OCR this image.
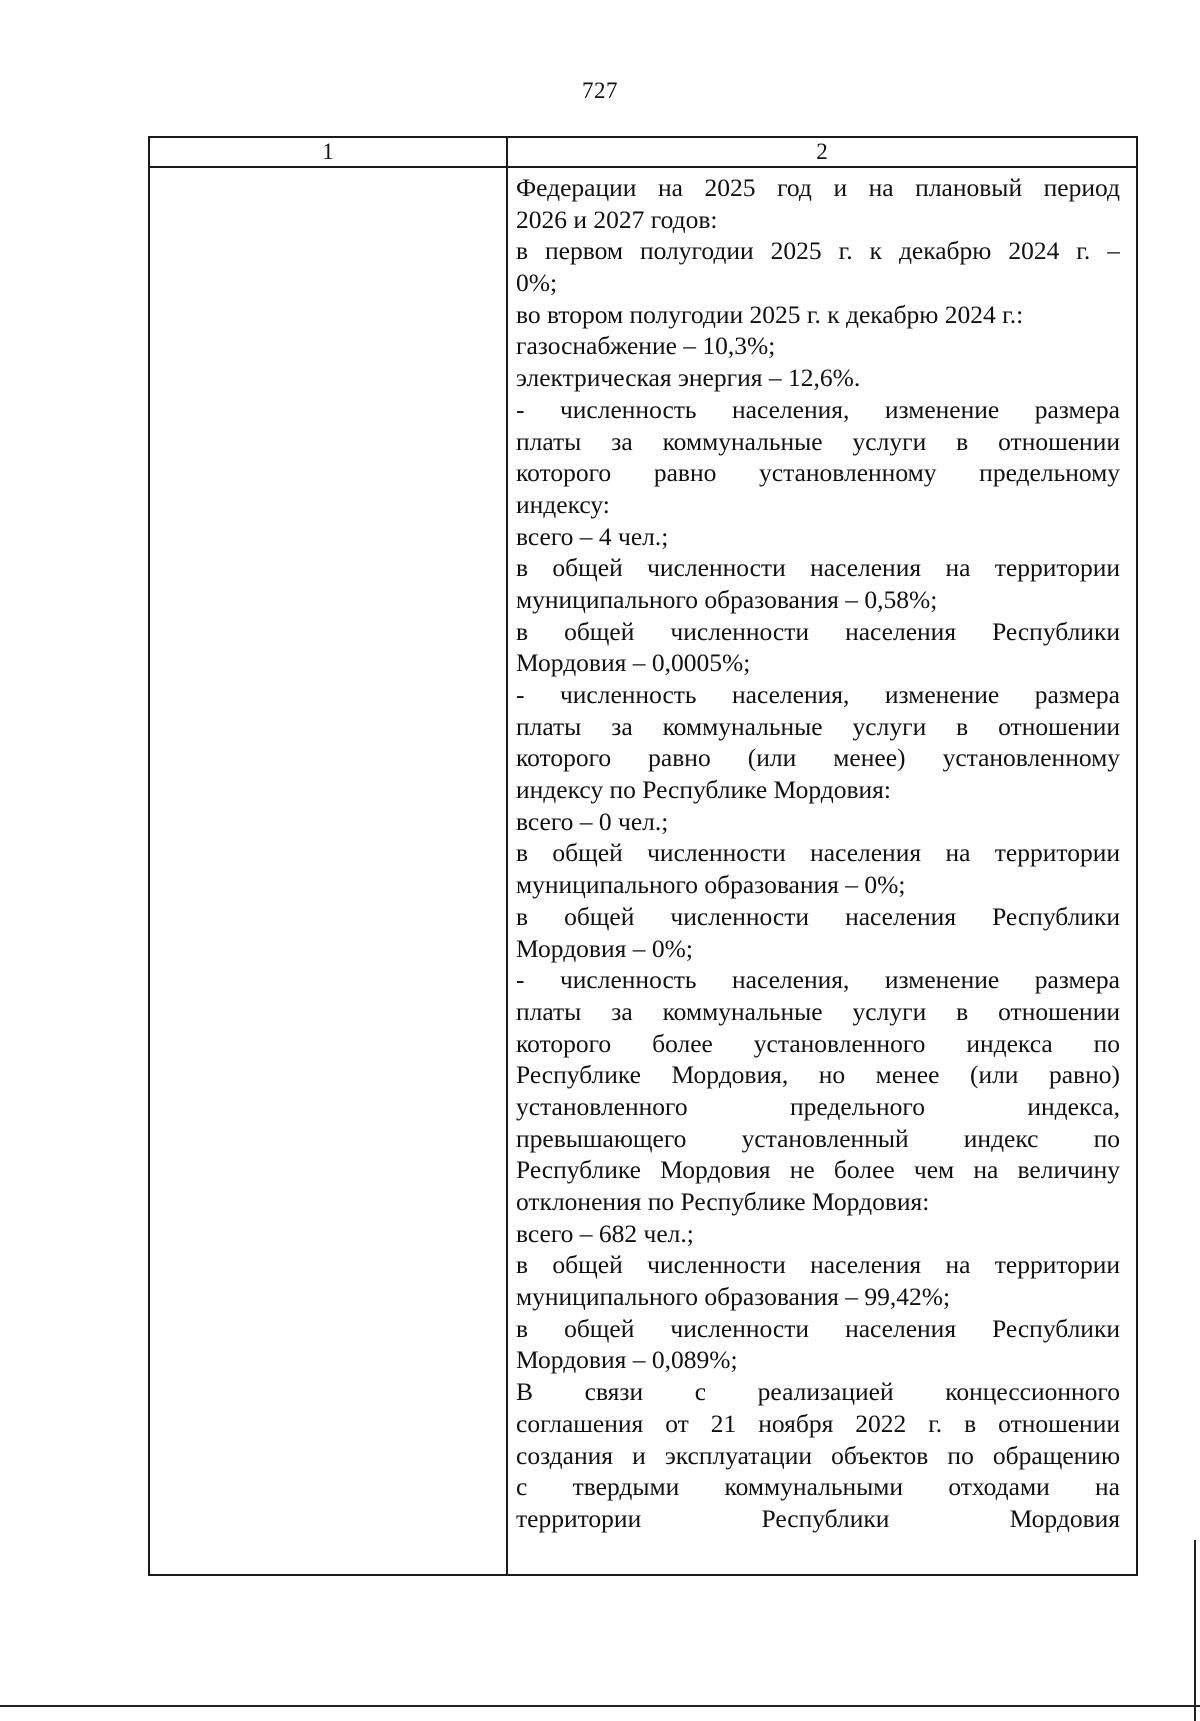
727
1	2
Федерации на 2025 год и на плановый период
2026 и 2027 годов:
в первом полугодии 2025 г. к декабрю 2024 г. –
0%;
во втором полугодии 2025 г. к декабрю 2024 г.:
газоснабжение – 10,3%;
электрическая энергия – 12,6%.
- численность населения, изменение размера
платы за коммунальные услуги в отношении
которого равно установленному предельному
индексу:
всего – 4 чел.;
в общей численности населения на территории
муниципального образования – 0,58%;
в общей численности населения Республики
Мордовия – 0,0005%;
- численность населения, изменение размера
платы за коммунальные услуги в отношении
которого равно (или менее) установленному
индексу по Республике Мордовия:
всего – 0 чел.;
в общей численности населения на территории
муниципального образования – 0%;
в общей численности населения Республики
Мордовия – 0%;
- численность населения, изменение размера
платы за коммунальные услуги в отношении
которого более установленного индекса по
Республике Мордовия, но менее (или равно)
установленного предельного индекса,
превышающего установленный индекс по
Республике Мордовия не более чем на величину
отклонения по Республике Мордовия:
всего – 682 чел.;
в общей численности населения на территории
муниципального образования – 99,42%;
в общей численности населения Республики
Мордовия – 0,089%;
В связи с реализацией концессионного
соглашения от 21 ноября 2022 г. в отношении
создания и эксплуатации объектов по обращению
с твердыми коммунальными отходами на
территории Республики Мордовия
